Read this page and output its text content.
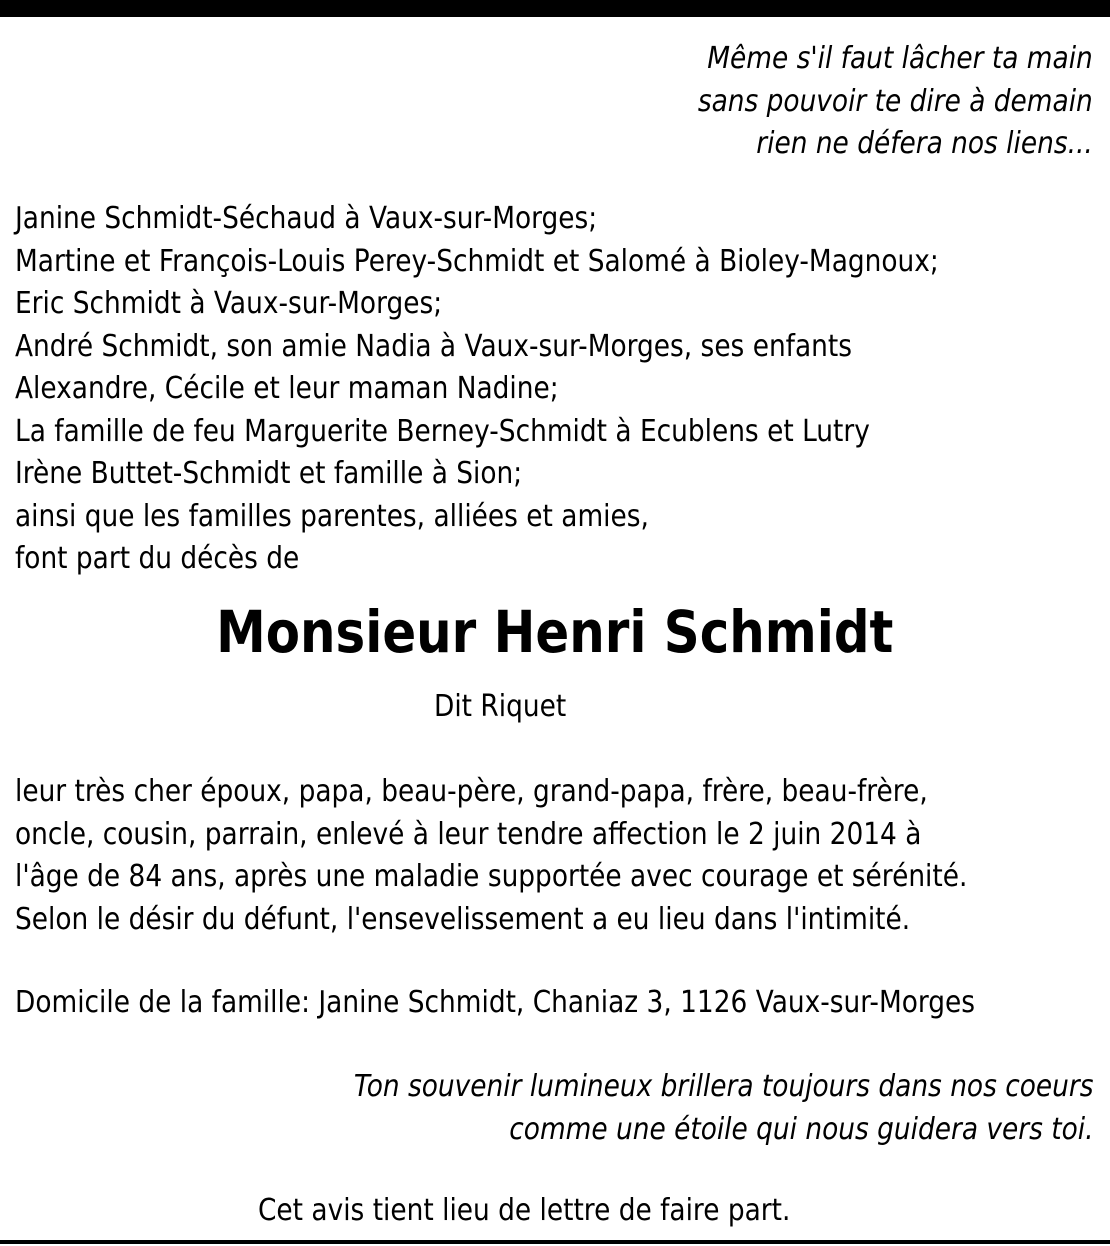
Même s'il faut lâcher ta main
sans pouvoir te dire à demain
rien ne défera nos liens...
Janine Schmidt-Séchaud à Vaux-sur-Morges;
Martine et François-Louis Perey-Schmidt et Salomé à Bioley-Magnoux;
Eric Schmidt à Vaux-sur-Morges;
André Schmidt, son amie Nadia à Vaux-sur-Morges, ses enfants
Alexandre, Cécile et leur maman Nadine;
La famille de feu Marguerite Berney-Schmidt à Ecublens et Lutry
Irène Buttet-Schmidt et famille à Sion;
ainsi que les familles parentes, alliées et amies,
font part du décès de
Monsieur Henri Schmidt
Dit Riquet
leur très cher époux, papa, beau-père, grand-papa, frère, beau-frère,
oncle, cousin, parrain, enlevé à leur tendre affection le 2 juin 2014 à
l'âge de 84 ans, après une maladie supportée avec courage et sérénité.
Selon le désir du défunt, l'ensevelissement a eu lieu dans l'intimité.
Domicile de la famille: Janine Schmidt, Chaniaz 3, 1126 Vaux-sur-Morges
Ton souvenir lumineux brillera toujours dans nos coeurs
comme une étoile qui nous guidera vers toi.
Cet avis tient lieu de lettre de faire part.
